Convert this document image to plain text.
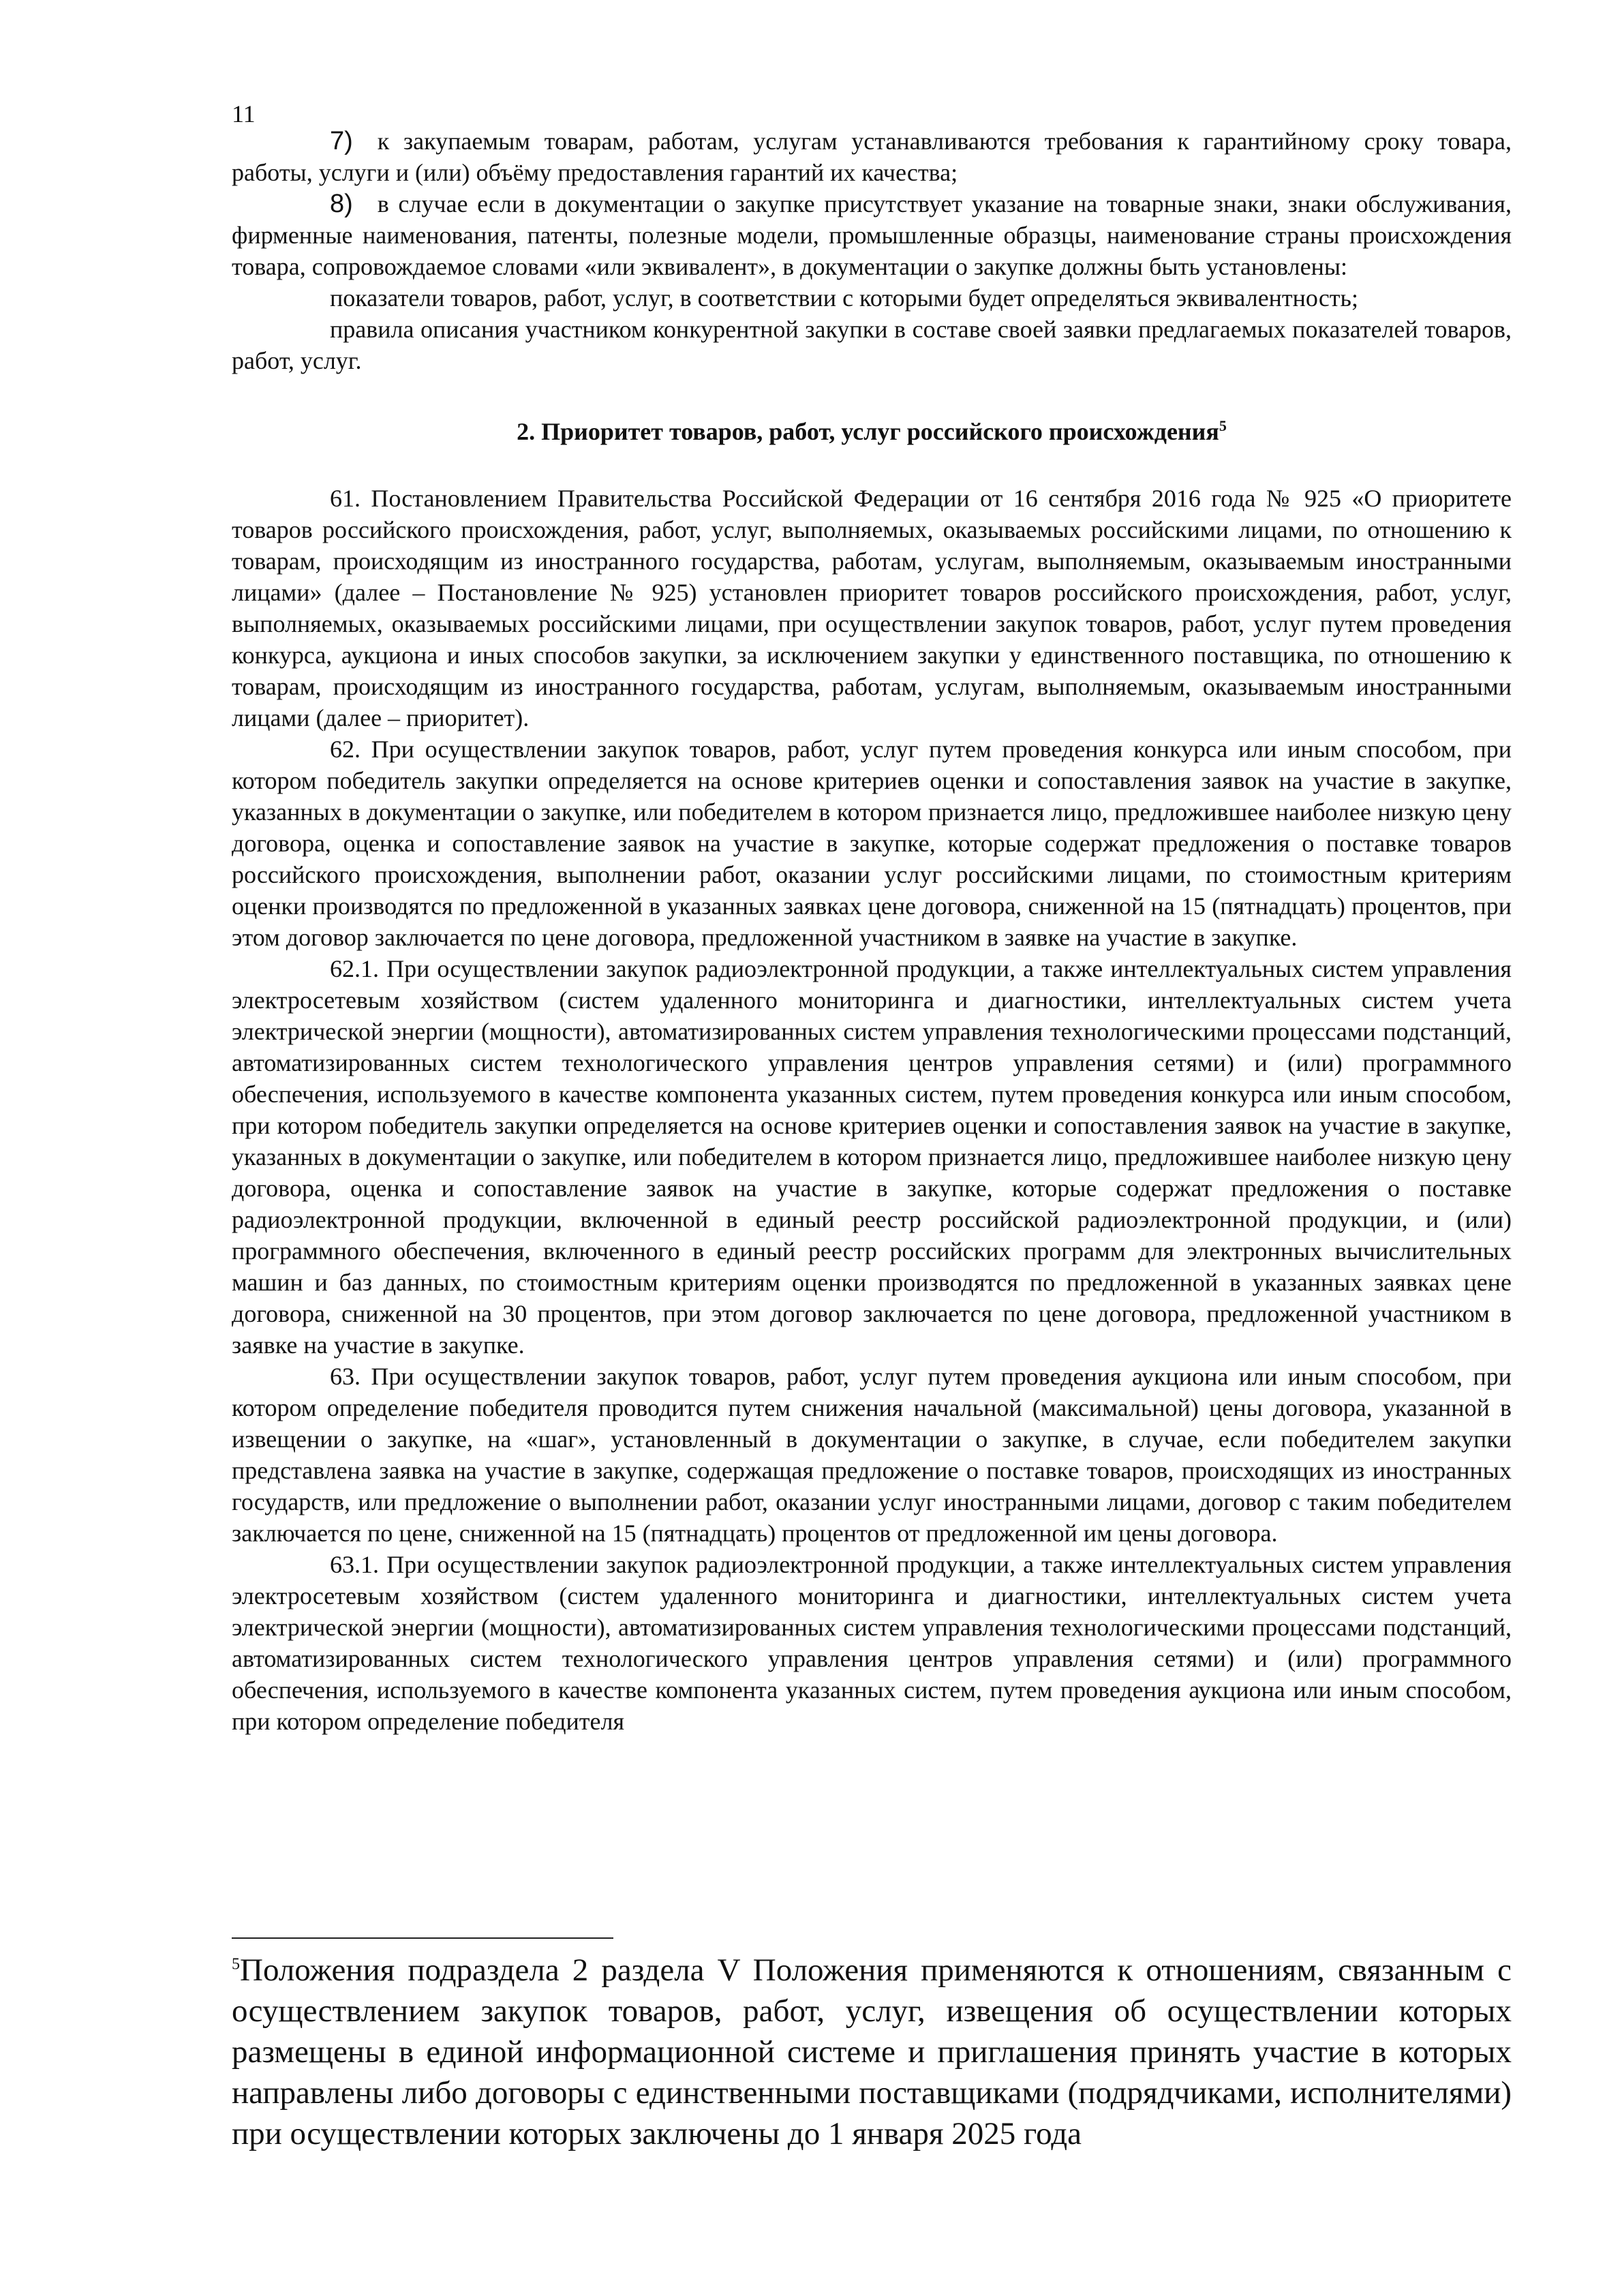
11

7) к закупаемым товарам, работам, услугам устанавливаются требования к гарантийному сроку товара, работы, услуги и (или) объёму предоставления гарантий их качества;

8) в случае если в документации о закупке присутствует указание на товарные знаки, знаки обслуживания, фирменные наименования, патенты, полезные модели, промышленные образцы, наименование страны происхождения товара, сопровождаемое словами «или эквивалент», в документации о закупке должны быть установлены:

показатели товаров, работ, услуг, в соответствии с которыми будет определяться эквивалентность;

правила описания участником конкурентной закупки в составе своей заявки предлагаемых показателей товаров, работ, услуг.

2. Приоритет товаров, работ, услуг российского происхождения$^5$

61. Постановлением Правительства Российской Федерации от 16 сентября 2016 года № 925 «О приоритете товаров российского происхождения, работ, услуг, выполняемых, оказываемых российскими лицами, по отношению к товарам, происходящим из иностранного государства, работам, услугам, выполняемым, оказываемым иностранными лицами» (далее – Постановление № 925) установлен приоритет товаров российского происхождения, работ, услуг, выполняемых, оказываемых российскими лицами, при осуществлении закупок товаров, работ, услуг путем проведения конкурса, аукциона и иных способов закупки, за исключением закупки у единственного поставщика, по отношению к товарам, происходящим из иностранного государства, работам, услугам, выполняемым, оказываемым иностранными лицами (далее – приоритет).

62. При осуществлении закупок товаров, работ, услуг путем проведения конкурса или иным способом, при котором победитель закупки определяется на основе критериев оценки и сопоставления заявок на участие в закупке, указанных в документации о закупке, или победителем в котором признается лицо, предложившее наиболее низкую цену договора, оценка и сопоставление заявок на участие в закупке, которые содержат предложения о поставке товаров российского происхождения, выполнении работ, оказании услуг российскими лицами, по стоимостным критериям оценки производятся по предложенной в указанных заявках цене договора, сниженной на 15 (пятнадцать) процентов, при этом договор заключается по цене договора, предложенной участником в заявке на участие в закупке.

62.1. При осуществлении закупок радиоэлектронной продукции, а также интеллектуальных систем управления электросетевым хозяйством (систем удаленного мониторинга и диагностики, интеллектуальных систем учета электрической энергии (мощности), автоматизированных систем управления технологическими процессами подстанций, автоматизированных систем технологического управления центров управления сетями) и (или) программного обеспечения, используемого в качестве компонента указанных систем, путем проведения конкурса или иным способом, при котором победитель закупки определяется на основе критериев оценки и сопоставления заявок на участие в закупке, указанных в документации о закупке, или победителем в котором признается лицо, предложившее наиболее низкую цену договора, оценка и сопоставление заявок на участие в закупке, которые содержат предложения о поставке радиоэлектронной продукции, включенной в единый реестр российской радиоэлектронной продукции, и (или) программного обеспечения, включенного в единый реестр российских программ для электронных вычислительных машин и баз данных, по стоимостным критериям оценки производятся по предложенной в указанных заявках цене договора, сниженной на 30 процентов, при этом договор заключается по цене договора, предложенной участником в заявке на участие в закупке.

63. При осуществлении закупок товаров, работ, услуг путем проведения аукциона или иным способом, при котором определение победителя проводится путем снижения начальной (максимальной) цены договора, указанной в извещении о закупке, на «шаг», установленный в документации о закупке, в случае, если победителем закупки представлена заявка на участие в закупке, содержащая предложение о поставке товаров, происходящих из иностранных государств, или предложение о выполнении работ, оказании услуг иностранными лицами, договор с таким победителем заключается по цене, сниженной на 15 (пятнадцать) процентов от предложенной им цены договора.

63.1. При осуществлении закупок радиоэлектронной продукции, а также интеллектуальных систем управления электросетевым хозяйством (систем удаленного мониторинга и диагностики, интеллектуальных систем учета электрической энергии (мощности), автоматизированных систем управления технологическими процессами подстанций, автоматизированных систем технологического управления центров управления сетями) и (или) программного обеспечения, используемого в качестве компонента указанных систем, путем проведения аукциона или иным способом, при котором определение победителя

$^5$Положения подраздела 2 раздела V Положения применяются к отношениям, связанным с осуществлением закупок товаров, работ, услуг, извещения об осуществлении которых размещены в единой информационной системе и приглашения принять участие в которых направлены либо договоры с единственными поставщиками (подрядчиками, исполнителями) при осуществлении которых заключены до 1 января 2025 года
